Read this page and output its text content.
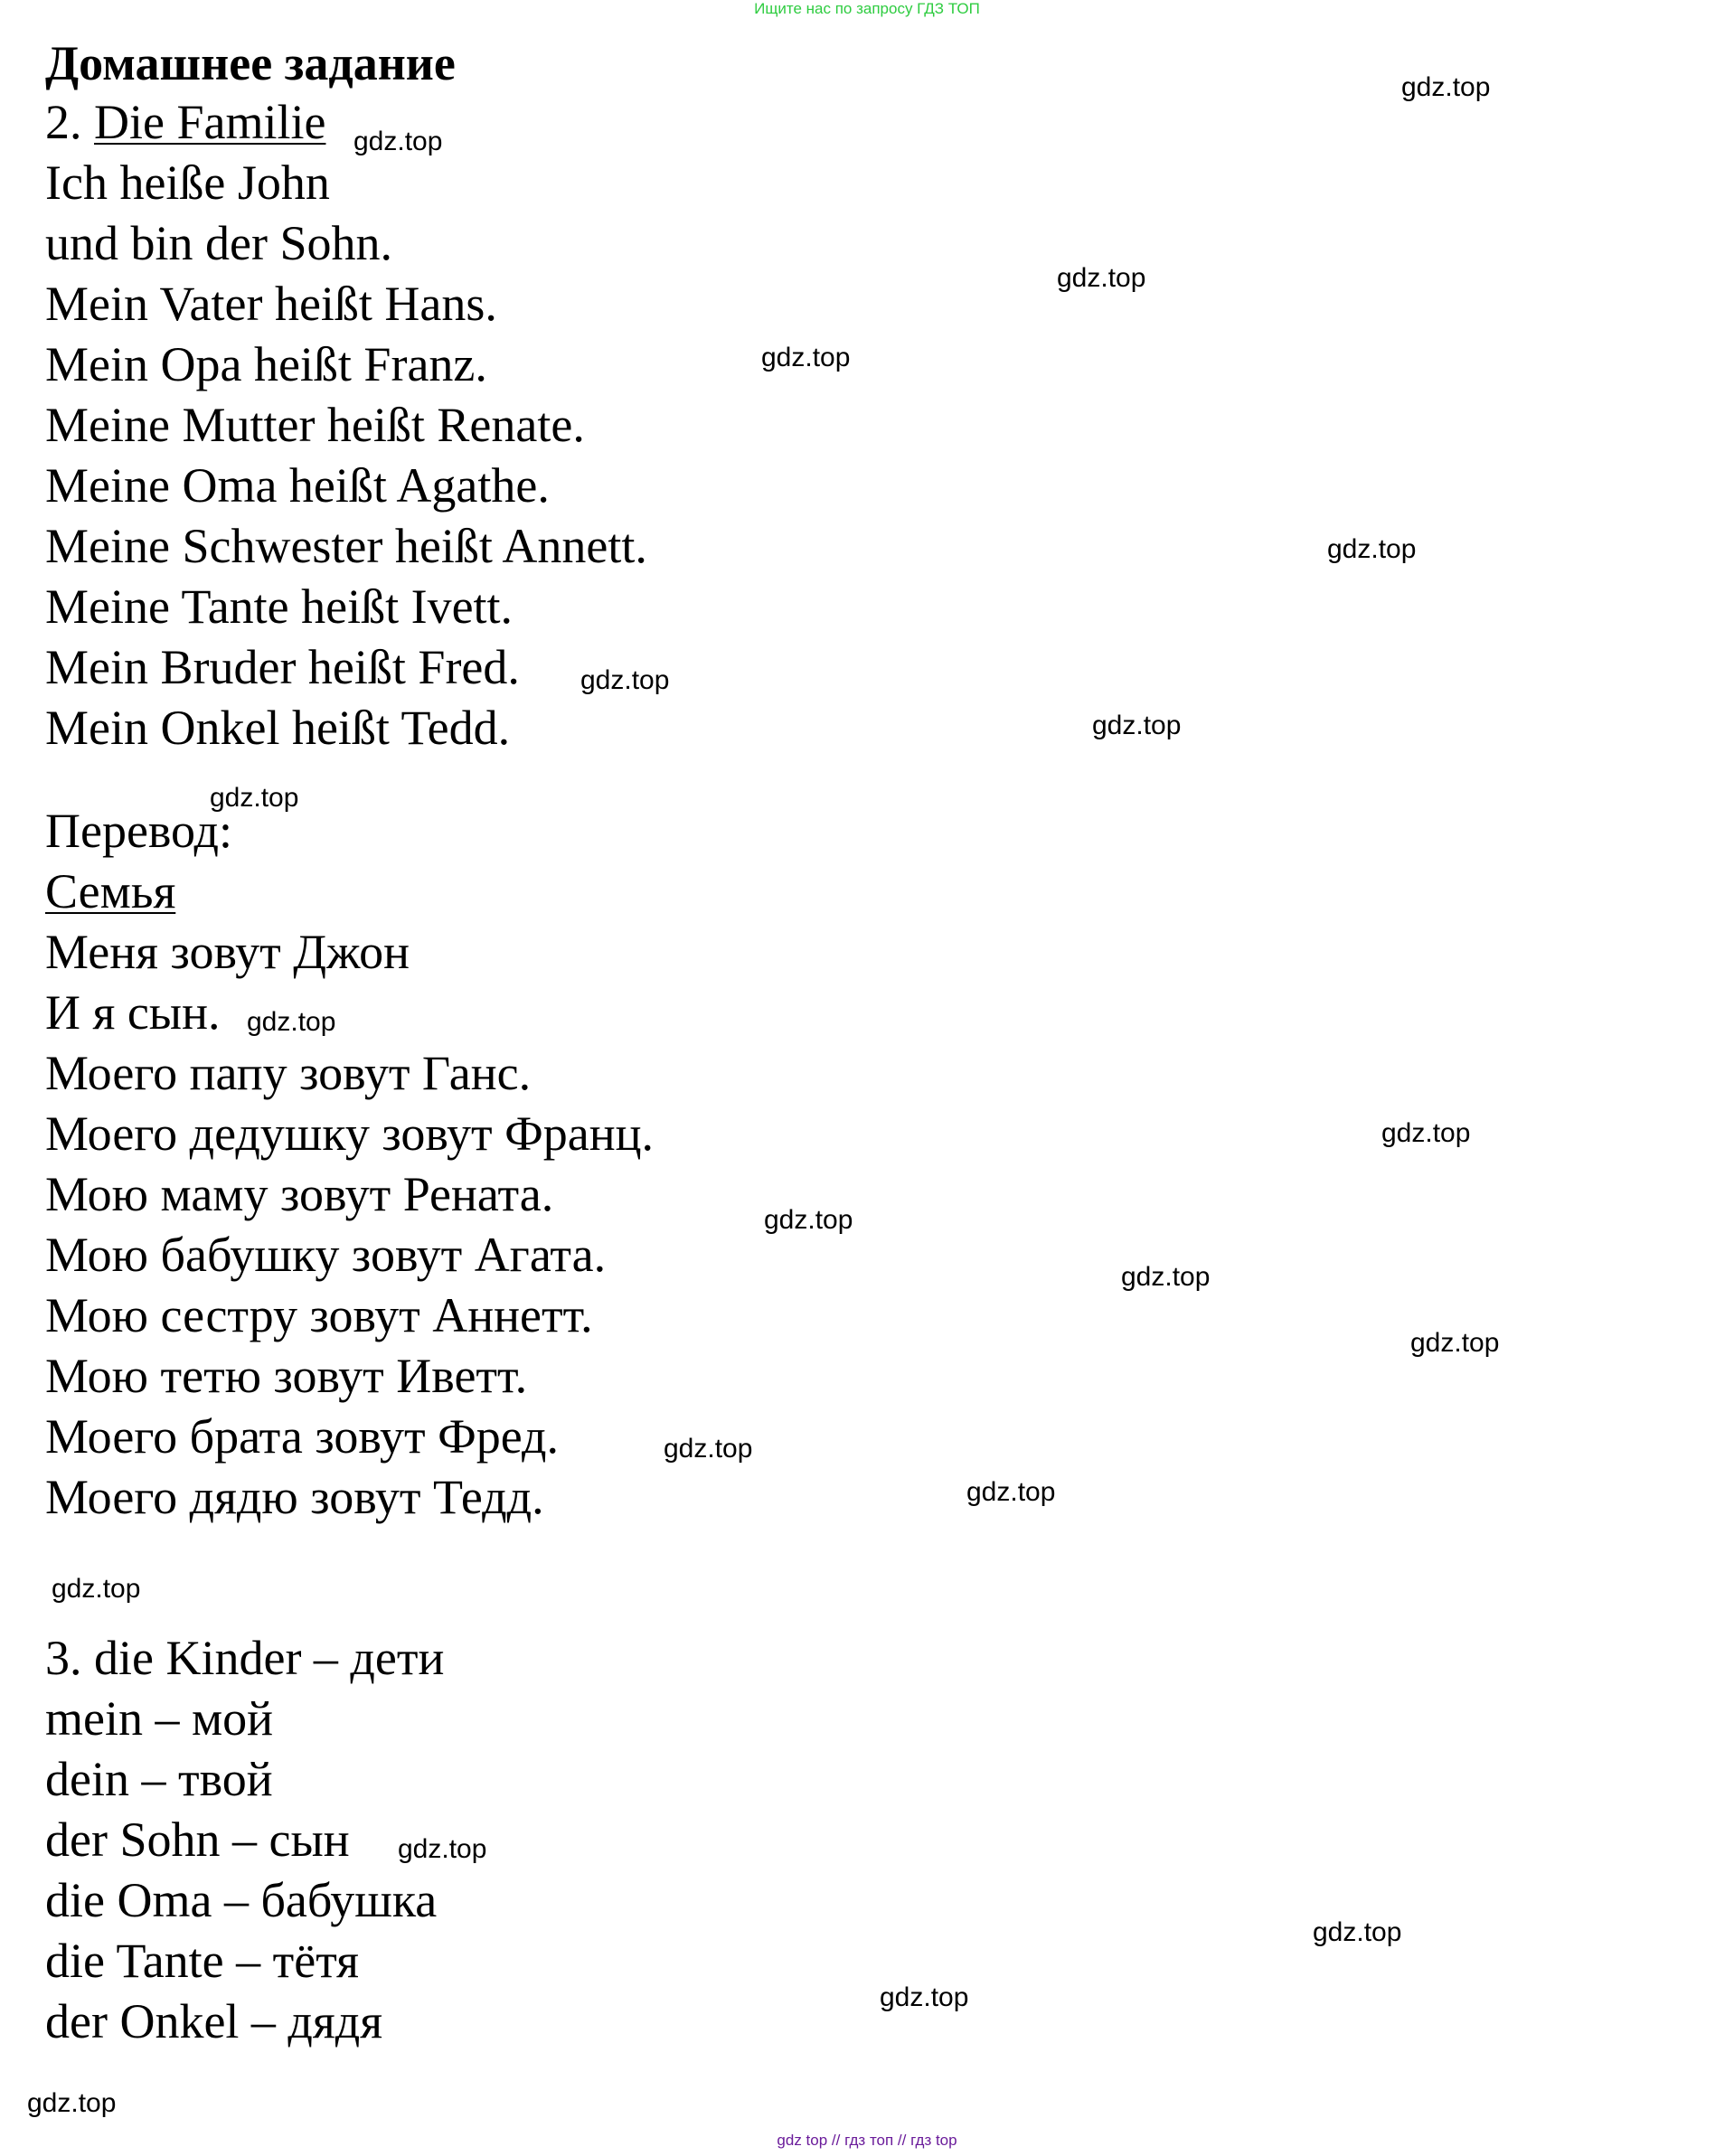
Ищите нас по запросу ГДЗ ТОП
Домашнее задание
2. Die Familie
Ich heiße John
und bin der Sohn.
Mein Vater heißt Hans.
Mein Opa heißt Franz.
Meine Mutter heißt Renate.
Meine Oma heißt Agathe.
Meine Schwester heißt Annett.
Meine Tante heißt Ivett.
Mein Bruder heißt Fred.
Mein Onkel heißt Tedd.
Перевод:
Семья
Меня зовут Джон
И я сын.
Моего папу зовут Ганс.
Моего дедушку зовут Франц.
Мою маму зовут Рената.
Мою бабушку зовут Агата.
Мою сестру зовут Аннетт.
Мою тетю зовут Иветт.
Моего брата зовут Фред.
Моего дядю зовут Тедд.
3. die Kinder – дети
mein – мой
dein – твой
der Sohn – сын
die Oma – бабушка
die Tante – тётя
der Onkel – дядя
gdz.top
gdz.top
gdz.top
gdz.top
gdz.top
gdz.top
gdz.top
gdz.top
gdz.top
gdz.top
gdz.top
gdz.top
gdz.top
gdz.top
gdz.top
gdz.top
gdz.top
gdz.top
gdz.top
gdz.top
gdz top // гдз топ // гдз top
